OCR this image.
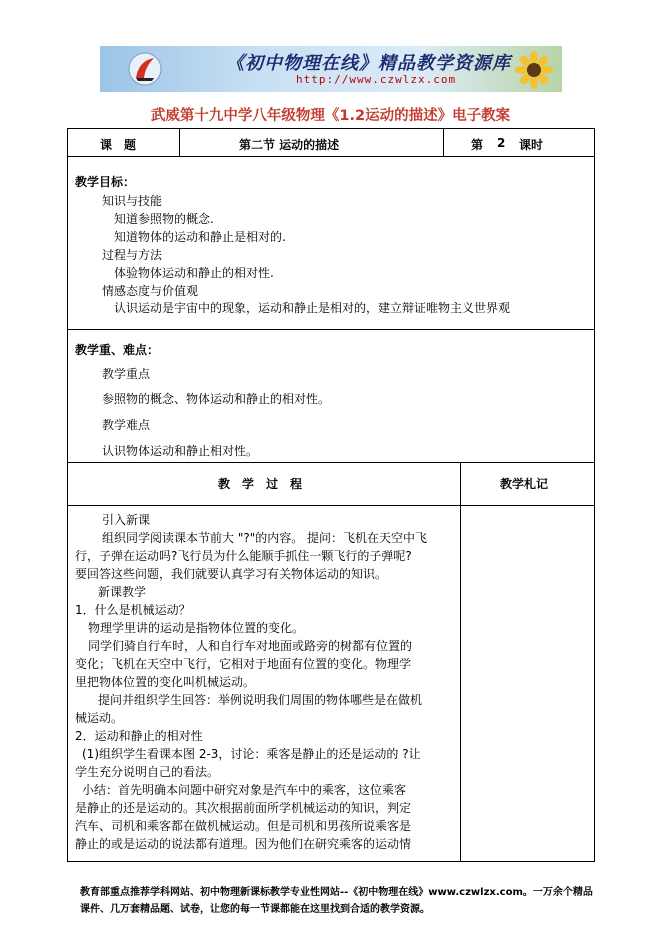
《初中物理在线》精品教学资源库
http://www.czwlzx.com
武威第十九中学八年级物理《1.2运动的描述》电子教案
课　题	第二节 运动的描述	第 2 课时
教学目标：
知识与技能
知道参照物的概念.
知道物体的运动和静止是相对的.
过程与方法
体验物体运动和静止的相对性.
情感态度与价值观
认识运动是宇宙中的现象，运动和静止是相对的，建立辩证唯物主义世界观
教学重、难点：
教学重点
参照物的概念、物体运动和静止的相对性。
教学难点
认识物体运动和静止相对性。
教　学　过　程	教学札记
引入新课
组织同学阅读课本节前大 "?"的内容。 提问：飞机在天空中飞
行，子弹在运动吗?飞行员为什么能顺手抓住一颗飞行的子弹呢?
要回答这些问题，我们就要认真学习有关物体运动的知识。
新课教学
1．什么是机械运动？
物理学里讲的运动是指物体位置的变化。
同学们骑自行车时，人和自行车对地面或路旁的树都有位置的
变化；飞机在天空中飞行，它相对于地面有位置的变化。物理学
里把物体位置的变化叫机械运动。
提问并组织学生回答：举例说明我们周围的物体哪些是在做机
械运动。
2．运动和静止的相对性
(1)组织学生看课本图 2-3，讨论：乘客是静止的还是运动的 ?让
学生充分说明自己的看法。
小结：首先明确本问题中研究对象是汽车中的乘客，这位乘客
是静止的还是运动的。其次根据前面所学机械运动的知识，判定
汽车、司机和乘客都在做机械运动。但是司机和男孩所说乘客是
静止的或是运动的说法都有道理。因为他们在研究乘客的运动情
教育部重点推荐学科网站、初中物理新课标教学专业性网站--《初中物理在线》www.czwlzx.com。一万余个精品课件、几万套精品题、试卷，让您的每一节课都能在这里找到合适的教学资源。
